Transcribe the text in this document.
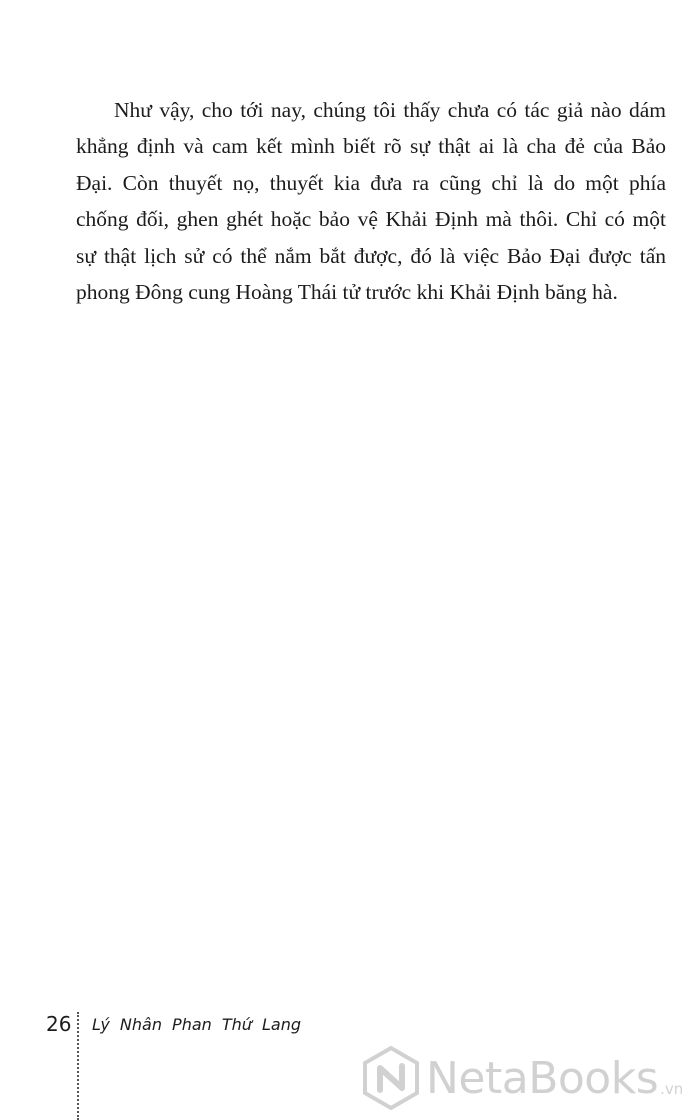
Như vậy, cho tới nay, chúng tôi thấy chưa có tác giả nào dám
khẳng định và cam kết mình biết rõ sự thật ai là cha đẻ của Bảo
Đại. Còn thuyết nọ, thuyết kia đưa ra cũng chỉ là do một phía
chống đối, ghen ghét hoặc bảo vệ Khải Định mà thôi. Chỉ có một
sự thật lịch sử có thể nắm bắt được, đó là việc Bảo Đại được tấn
phong Đông cung Hoàng Thái tử trước khi Khải Định băng hà.

26 Lý Nhân Phan Thứ Lang
NetaBooks .vn
